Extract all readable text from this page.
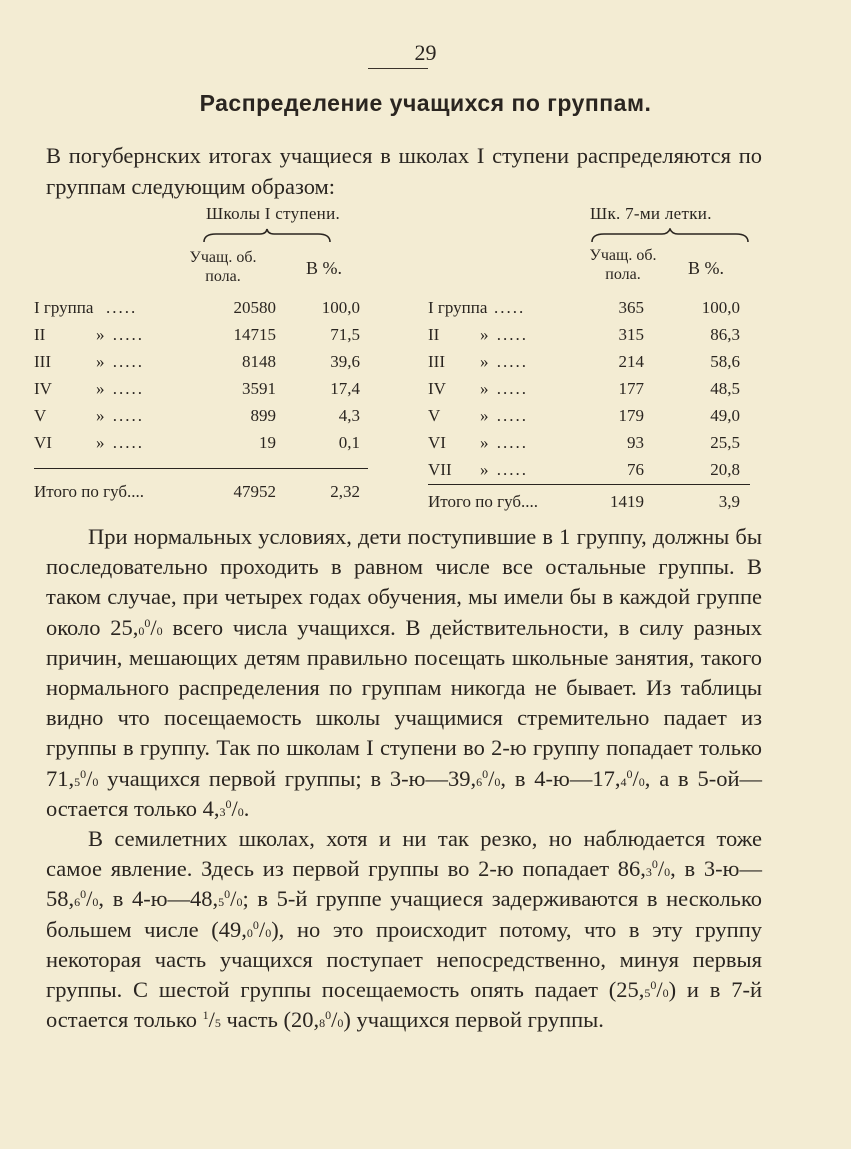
29
Распределение учащихся по группам.
В погубернских итогах учащиеся в школах I ступени распределяются по группам следующим образом:
Школы I ступени.
Учащ. об. пола.	В %.
I группа .....	20580	100,0
II	» .....	14715	71,5
III	» .....	8148	39,6
IV	» .....	3591	17,4
V	» .....	899	4,3
VI	» .....	19	0,1
Итого по губ....	47952	2,32
Шк. 7-ми летки.
Учащ. об. пола.	В %.
I группа .....	365	100,0
II » .....	315	86,3
III » .....	214	58,6
IV » .....	177	48,5
V » .....	179	49,0
VI » .....	93	25,5
VII » .....	76	20,8
Итого по губ....	1419	3,9

При нормальных условиях, дети поступившие в 1 группу, должны бы последовательно проходить в равном числе все остальные группы. В таком случае, при четырех годах обучения, мы имели бы в каждой группе около 25,0$^0$/0 всего числа учащихся. В действительности, в силу разных причин, мешающих детям правильно посещать школьные занятия, такого нормального распределения по группам никогда не бывает. Из таблицы видно что посещаемость школы учащимися стремительно падает из группы в группу. Так по школам I ступени во 2-ю группу попадает только 71,5$^0$/0 учащихся первой группы; в 3-ю—39,6$^0$/0, в 4-ю—17,4$^0$/0, а в 5-ой—остается только $4,3^0/0$.

В семилетних школах, хотя и ни так резко, но наблюдается тоже самое явление. Здесь из первой группы во 2-ю попадает 86,3$^0$/0, в 3-ю—58,6$^0$/0, в 4-ю—48,5$^0$/0; в 5-й группе учащиеся задерживаются в несколько большем числе (49,0$^0$/0), но это происходит потому, что в эту группу некоторая часть учащихся поступает непосредственно, минуя первыя группы. С шестой группы посещаемость опять падает (25,5$^0$/0) и в 7-й остается только $^1$/5 часть (20,8$^0$/0) учащихся первой группы.
